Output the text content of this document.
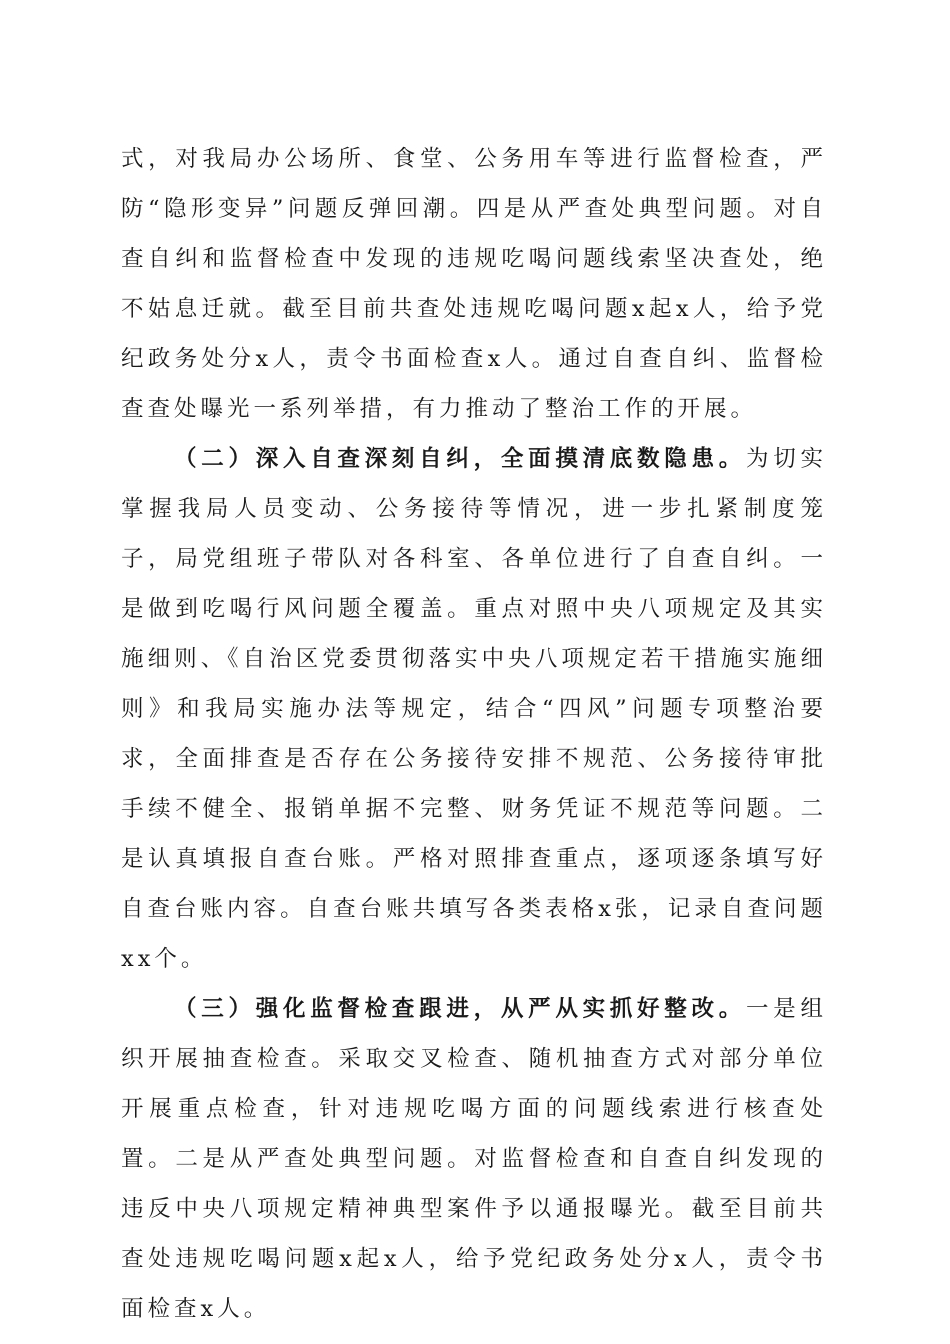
式，对我局办公场所、食堂、公务用车等进行监督检查，严防“隐形变异”问题反弹回潮。四是从严查处典型问题。对自查自纠和监督检查中发现的违规吃喝问题线索坚决查处，绝不姑息迁就。截至目前共查处违规吃喝问题x起x人，给予党纪政务处分x人，责令书面检查x人。通过自查自纠、监督检查查处曝光一系列举措，有力推动了整治工作的开展。

（二）深入自查深刻自纠，全面摸清底数隐患。为切实掌握我局人员变动、公务接待等情况，进一步扎紧制度笼子，局党组班子带队对各科室、各单位进行了自查自纠。一是做到吃喝行风问题全覆盖。重点对照中央八项规定及其实施细则、《自治区党委贯彻落实中央八项规定若干措施实施细则》和我局实施办法等规定，结合“四风”问题专项整治要求，全面排查是否存在公务接待安排不规范、公务接待审批手续不健全、报销单据不完整、财务凭证不规范等问题。二是认真填报自查台账。严格对照排查重点，逐项逐条填写好自查台账内容。自查台账共填写各类表格x张，记录自查问题xx个。

（三）强化监督检查跟进，从严从实抓好整改。一是组织开展抽查检查。采取交叉检查、随机抽查方式对部分单位开展重点检查，针对违规吃喝方面的问题线索进行核查处置。二是从严查处典型问题。对监督检查和自查自纠发现的违反中央八项规定精神典型案件予以通报曝光。截至目前共查处违规吃喝问题x起x人，给予党纪政务处分x人，责令书面检查x人。
